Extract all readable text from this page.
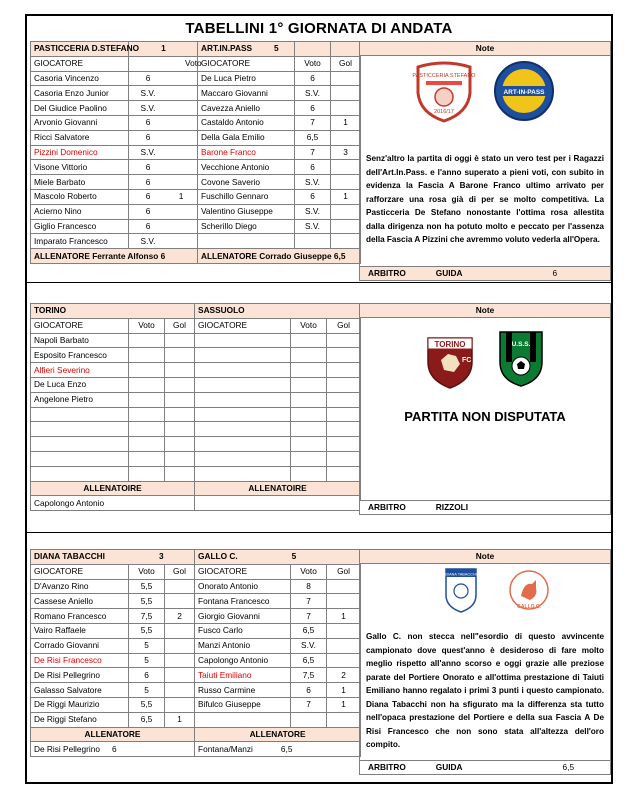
TABELLINI 1° GIORNATA DI ANDATA
PASTICCERIA D.STEFANO 1		ART.IN.PASS 5		
GIOCATORE	Voto	GIOCATORE	Voto	Gol
Casoria Vincenzo	6	De Luca Pietro	6	
Casoria Enzo Junior	S.V.	Maccaro Giovanni	S.V.	
Del Giudice Paolino	S.V.	Cavezza Aniello	6	
Arvonio Giovanni	6	Castaldo Antonio	7	1
Ricci Salvatore	6	Della Gala Emilio	6,5	
Pizzini Domenico	S.V.	Barone Franco	7	3
Visone Vittorio	6	Vecchione Antonio	6	
Miele Barbato	6	Covone Saverio	S.V.	
Mascolo Roberto	6 1	Fuschillo Gennaro	6	1
Acierno Nino	6	Valentino Giuseppe	S.V.	
Giglio Francesco	6	Scherillo Diego	S.V.	
Imparato Francesco	S.V.			
ALLENATORE Ferrante Alfonso 6		ALLENATORE Corrado Giuseppe 6,5		
Note
PASTICCERIA STEFANO
2016/17
ART-IN-PASS
Senz'altro la partita di oggi è stato un vero test per i Ragazzi dell'Art.In.Pass. e l'anno superato a pieni voti, con subito in evidenza la Fascia A Barone Franco ultimo arrivato per rafforzare una rosa già di per se molto competitiva. La Pasticceria De Stefano nonostante l'ottima rosa allestita dalla dirigenza non ha potuto molto e peccato per l'assenza della Fascia A Pizzini che avremmo voluto vederla all'Opera.
ARBITRO	GUIDA	6
TORINO			SASSUOLO		
GIOCATORE	Voto	Gol	GIOCATORE	Voto	Gol
Napoli Barbato					
Esposito Francesco					
Alfieri Severino					
De Luca Enzo					
Angelone Pietro					

ALLENATOIRE			ALLENATOIRE		
Capolongo Antonio					
Note
TORINO
FC
U.S.S.
PARTITA NON DISPUTATA
ARBITRO	RIZZOLI
DIANA TABACCHI 3			GALLO C. 5		
GIOCATORE	Voto	Gol	GIOCATORE	Voto	Gol
D'Avanzo Rino	5,5		Onorato Antonio	8	
Cassese Aniello	5,5		Fontana Francesco	7	
Romano Francesco	7,5	2	Giorgio Giovanni	7	1
Vairo Raffaele	5,5		Fusco Carlo	6,5	
Corrado Giovanni	5		Manzi Antonio	S.V.	
De Risi Francesco	5		Capolongo Antonio	6,5	
De Risi Pellegrino	6		Taiuti Emiliano	7,5	2
Galasso Salvatore	5		Russo Carmine	6	1
De Riggi Maurizio	5,5		Bifulco Giuseppe	7	1
De Riggi Stefano	6,5	1			
ALLENATORE			ALLENATORE		
De Risi Pellegrino 6			Fontana/Manzi 6,5		
Note
DIANA TABACCHI
GALLO C.
Gallo C. non stecca nell"esordio di questo avvincente campionato dove quest'anno è desideroso di fare molto meglio rispetto all'anno scorso e oggi grazie alle preziose parate del Portiere Onorato e all'ottima prestazione di Taiuti Emiliano hanno regalato i primi 3 punti i questo campionato. Diana Tabacchi non ha sfigurato ma la differenza sta tutto nell'opaca prestazione del Portiere e della sua Fascia A De Risi Francesco che non sono stata all'altezza dell'oro compito.
ARBITRO	GUIDA	6,5
